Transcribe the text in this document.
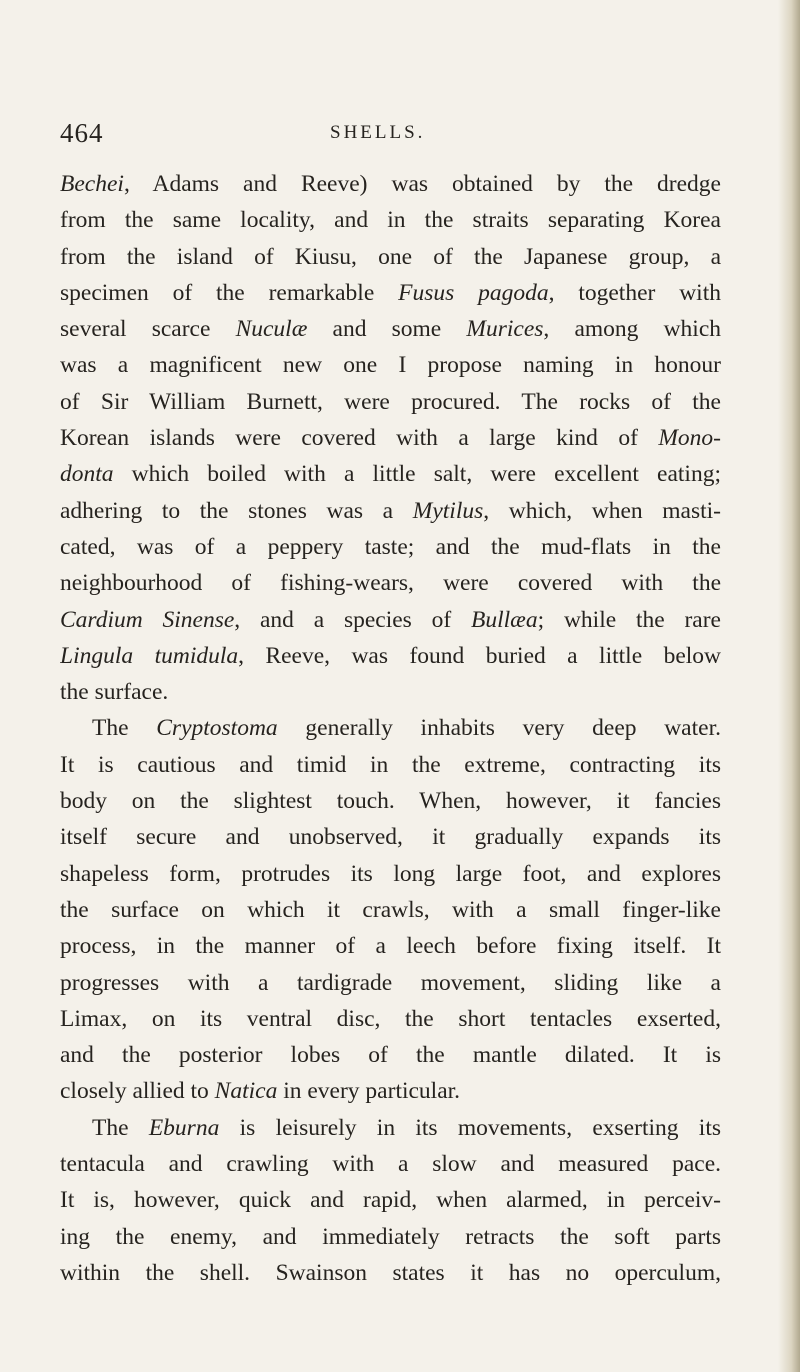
464	SHELLS.
Bechei, Adams and Reeve) was obtained by the dredge
from the same locality, and in the straits separating Korea
from the island of Kiusu, one of the Japanese group, a
specimen of the remarkable Fusus pagoda, together with
several scarce Nuculæ and some Murices, among which
was a magnificent new one I propose naming in honour
of Sir William Burnett, were procured. The rocks of the
Korean islands were covered with a large kind of Mono-
donta which boiled with a little salt, were excellent eating;
adhering to the stones was a Mytilus, which, when masti-
cated, was of a peppery taste; and the mud-flats in the
neighbourhood of fishing-wears, were covered with the
Cardium Sinense, and a species of Bullæa; while the rare
Lingula tumidula, Reeve, was found buried a little below
the surface.
The Cryptostoma generally inhabits very deep water.
It is cautious and timid in the extreme, contracting its
body on the slightest touch. When, however, it fancies
itself secure and unobserved, it gradually expands its
shapeless form, protrudes its long large foot, and explores
the surface on which it crawls, with a small finger-like
process, in the manner of a leech before fixing itself. It
progresses with a tardigrade movement, sliding like a
Limax, on its ventral disc, the short tentacles exserted,
and the posterior lobes of the mantle dilated. It is
closely allied to Natica in every particular.
The Eburna is leisurely in its movements, exserting its
tentacula and crawling with a slow and measured pace.
It is, however, quick and rapid, when alarmed, in perceiv-
ing the enemy, and immediately retracts the soft parts
within the shell. Swainson states it has no operculum,
